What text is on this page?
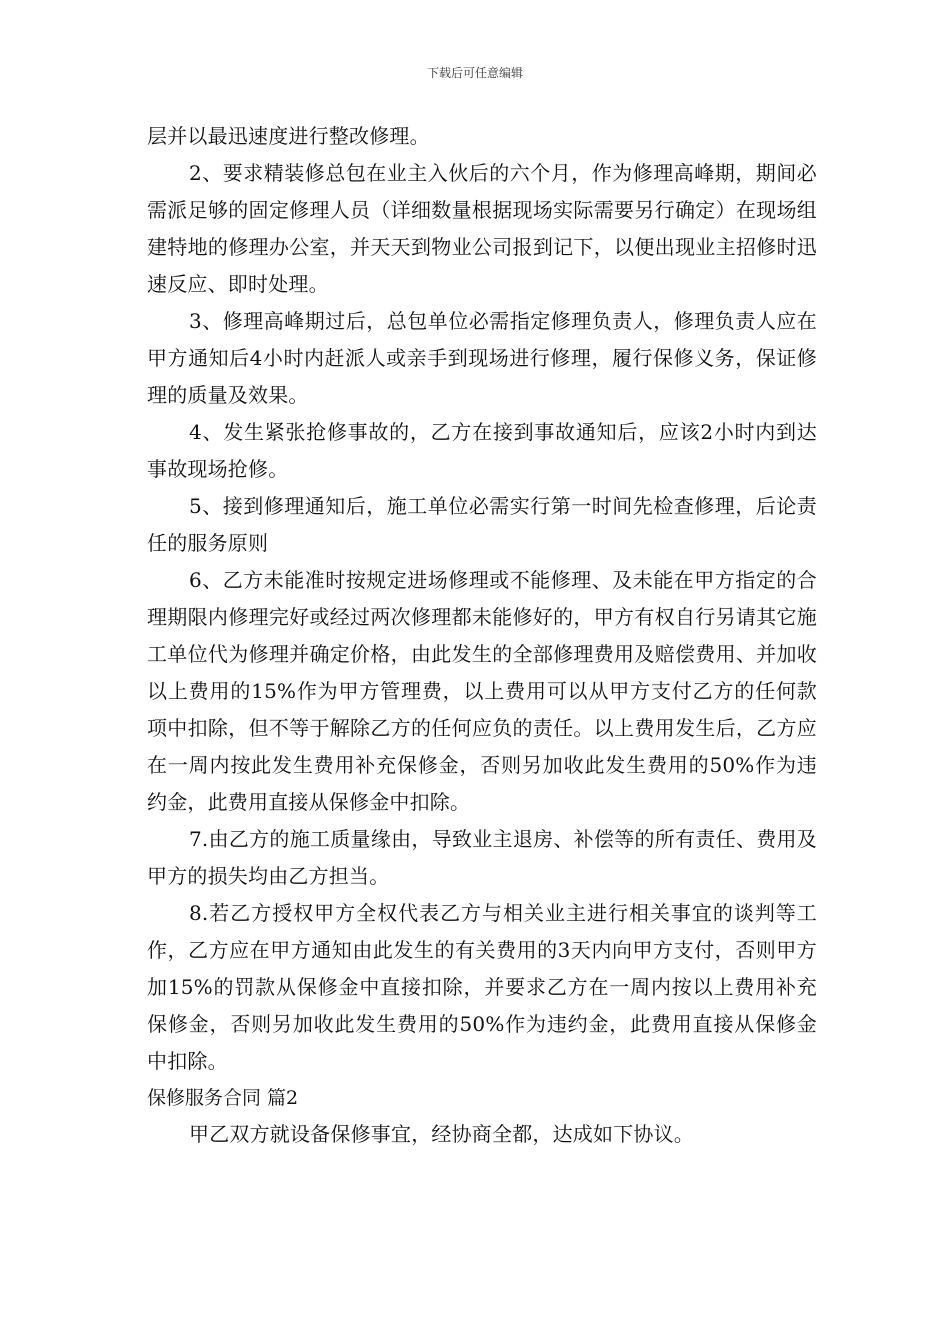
下载后可任意编辑

层并以最迅速度进行整改修理。

2、要求精装修总包在业主入伙后的六个月，作为修理高峰期，期间必需派足够的固定修理人员（详细数量根据现场实际需要另行确定）在现场组建特地的修理办公室，并天天到物业公司报到记下，以便出现业主招修时迅速反应、即时处理。

3、修理高峰期过后，总包单位必需指定修理负责人，修理负责人应在甲方通知后4小时内赶派人或亲手到现场进行修理，履行保修义务，保证修理的质量及效果。

4、发生紧张抢修事故的，乙方在接到事故通知后，应该2小时内到达事故现场抢修。

5、接到修理通知后，施工单位必需实行第一时间先检查修理，后论责任的服务原则

6、乙方未能准时按规定进场修理或不能修理、及未能在甲方指定的合理期限内修理完好或经过两次修理都未能修好的，甲方有权自行另请其它施工单位代为修理并确定价格，由此发生的全部修理费用及赔偿费用、并加收以上费用的15%作为甲方管理费，以上费用可以从甲方支付乙方的任何款项中扣除，但不等于解除乙方的任何应负的责任。以上费用发生后，乙方应在一周内按此发生费用补充保修金，否则另加收此发生费用的50%作为违约金，此费用直接从保修金中扣除。

7.由乙方的施工质量缘由，导致业主退房、补偿等的所有责任、费用及甲方的损失均由乙方担当。

8.若乙方授权甲方全权代表乙方与相关业主进行相关事宜的谈判等工作，乙方应在甲方通知由此发生的有关费用的3天内向甲方支付，否则甲方加15%的罚款从保修金中直接扣除，并要求乙方在一周内按以上费用补充保修金，否则另加收此发生费用的50%作为违约金，此费用直接从保修金中扣除。

保修服务合同 篇2

甲乙双方就设备保修事宜，经协商全都，达成如下协议。
